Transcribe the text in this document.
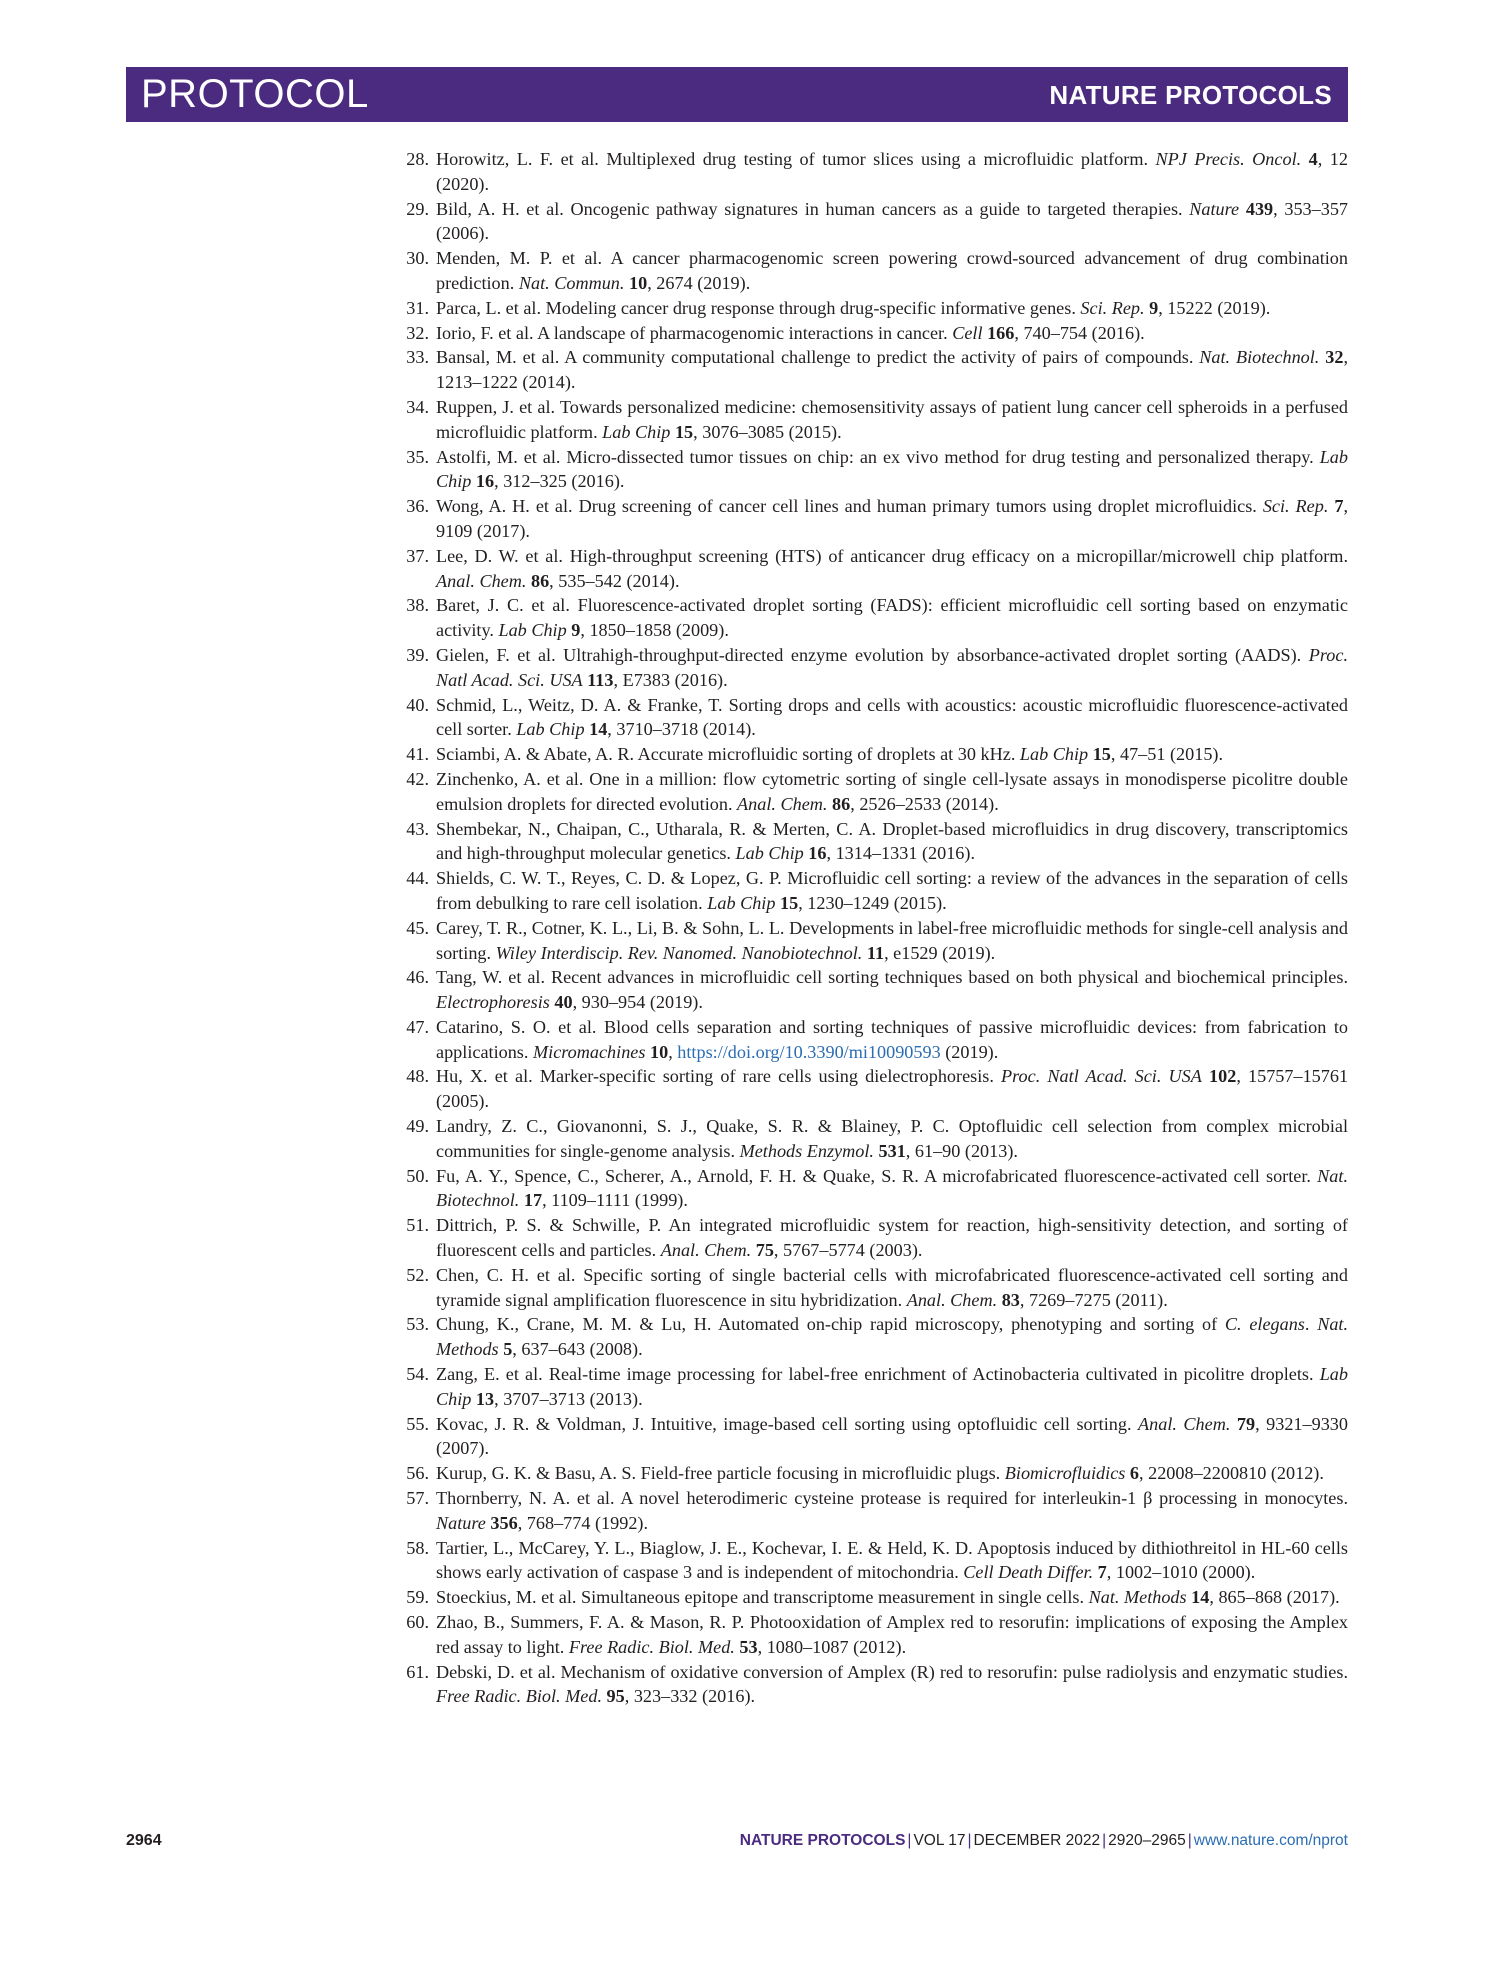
PROTOCOL	NATURE PROTOCOLS
28. Horowitz, L. F. et al. Multiplexed drug testing of tumor slices using a microfluidic platform. NPJ Precis. Oncol. 4, 12 (2020).
29. Bild, A. H. et al. Oncogenic pathway signatures in human cancers as a guide to targeted therapies. Nature 439, 353–357 (2006).
30. Menden, M. P. et al. A cancer pharmacogenomic screen powering crowd-sourced advancement of drug combination prediction. Nat. Commun. 10, 2674 (2019).
31. Parca, L. et al. Modeling cancer drug response through drug-specific informative genes. Sci. Rep. 9, 15222 (2019).
32. Iorio, F. et al. A landscape of pharmacogenomic interactions in cancer. Cell 166, 740–754 (2016).
33. Bansal, M. et al. A community computational challenge to predict the activity of pairs of compounds. Nat. Biotechnol. 32, 1213–1222 (2014).
34. Ruppen, J. et al. Towards personalized medicine: chemosensitivity assays of patient lung cancer cell spheroids in a perfused microfluidic platform. Lab Chip 15, 3076–3085 (2015).
35. Astolfi, M. et al. Micro-dissected tumor tissues on chip: an ex vivo method for drug testing and personalized therapy. Lab Chip 16, 312–325 (2016).
36. Wong, A. H. et al. Drug screening of cancer cell lines and human primary tumors using droplet microfluidics. Sci. Rep. 7, 9109 (2017).
37. Lee, D. W. et al. High-throughput screening (HTS) of anticancer drug efficacy on a micropillar/microwell chip platform. Anal. Chem. 86, 535–542 (2014).
38. Baret, J. C. et al. Fluorescence-activated droplet sorting (FADS): efficient microfluidic cell sorting based on enzymatic activity. Lab Chip 9, 1850–1858 (2009).
39. Gielen, F. et al. Ultrahigh-throughput-directed enzyme evolution by absorbance-activated droplet sorting (AADS). Proc. Natl Acad. Sci. USA 113, E7383 (2016).
40. Schmid, L., Weitz, D. A. & Franke, T. Sorting drops and cells with acoustics: acoustic microfluidic fluorescence-activated cell sorter. Lab Chip 14, 3710–3718 (2014).
41. Sciambi, A. & Abate, A. R. Accurate microfluidic sorting of droplets at 30 kHz. Lab Chip 15, 47–51 (2015).
42. Zinchenko, A. et al. One in a million: flow cytometric sorting of single cell-lysate assays in monodisperse picolitre double emulsion droplets for directed evolution. Anal. Chem. 86, 2526–2533 (2014).
43. Shembekar, N., Chaipan, C., Utharala, R. & Merten, C. A. Droplet-based microfluidics in drug discovery, transcriptomics and high-throughput molecular genetics. Lab Chip 16, 1314–1331 (2016).
44. Shields, C. W. T., Reyes, C. D. & Lopez, G. P. Microfluidic cell sorting: a review of the advances in the separation of cells from debulking to rare cell isolation. Lab Chip 15, 1230–1249 (2015).
45. Carey, T. R., Cotner, K. L., Li, B. & Sohn, L. L. Developments in label-free microfluidic methods for single-cell analysis and sorting. Wiley Interdiscip. Rev. Nanomed. Nanobiotechnol. 11, e1529 (2019).
46. Tang, W. et al. Recent advances in microfluidic cell sorting techniques based on both physical and biochemical principles. Electrophoresis 40, 930–954 (2019).
47. Catarino, S. O. et al. Blood cells separation and sorting techniques of passive microfluidic devices: from fabrication to applications. Micromachines 10, https://doi.org/10.3390/mi10090593 (2019).
48. Hu, X. et al. Marker-specific sorting of rare cells using dielectrophoresis. Proc. Natl Acad. Sci. USA 102, 15757–15761 (2005).
49. Landry, Z. C., Giovanonni, S. J., Quake, S. R. & Blainey, P. C. Optofluidic cell selection from complex microbial communities for single-genome analysis. Methods Enzymol. 531, 61–90 (2013).
50. Fu, A. Y., Spence, C., Scherer, A., Arnold, F. H. & Quake, S. R. A microfabricated fluorescence-activated cell sorter. Nat. Biotechnol. 17, 1109–1111 (1999).
51. Dittrich, P. S. & Schwille, P. An integrated microfluidic system for reaction, high-sensitivity detection, and sorting of fluorescent cells and particles. Anal. Chem. 75, 5767–5774 (2003).
52. Chen, C. H. et al. Specific sorting of single bacterial cells with microfabricated fluorescence-activated cell sorting and tyramide signal amplification fluorescence in situ hybridization. Anal. Chem. 83, 7269–7275 (2011).
53. Chung, K., Crane, M. M. & Lu, H. Automated on-chip rapid microscopy, phenotyping and sorting of C. elegans. Nat. Methods 5, 637–643 (2008).
54. Zang, E. et al. Real-time image processing for label-free enrichment of Actinobacteria cultivated in picolitre droplets. Lab Chip 13, 3707–3713 (2013).
55. Kovac, J. R. & Voldman, J. Intuitive, image-based cell sorting using optofluidic cell sorting. Anal. Chem. 79, 9321–9330 (2007).
56. Kurup, G. K. & Basu, A. S. Field-free particle focusing in microfluidic plugs. Biomicrofluidics 6, 22008–2200810 (2012).
57. Thornberry, N. A. et al. A novel heterodimeric cysteine protease is required for interleukin-1 β processing in monocytes. Nature 356, 768–774 (1992).
58. Tartier, L., McCarey, Y. L., Biaglow, J. E., Kochevar, I. E. & Held, K. D. Apoptosis induced by dithiothreitol in HL-60 cells shows early activation of caspase 3 and is independent of mitochondria. Cell Death Differ. 7, 1002–1010 (2000).
59. Stoeckius, M. et al. Simultaneous epitope and transcriptome measurement in single cells. Nat. Methods 14, 865–868 (2017).
60. Zhao, B., Summers, F. A. & Mason, R. P. Photooxidation of Amplex red to resorufin: implications of exposing the Amplex red assay to light. Free Radic. Biol. Med. 53, 1080–1087 (2012).
61. Debski, D. et al. Mechanism of oxidative conversion of Amplex (R) red to resorufin: pulse radiolysis and enzymatic studies. Free Radic. Biol. Med. 95, 323–332 (2016).
2964	NATURE PROTOCOLS | VOL 17 | DECEMBER 2022 | 2920–2965 | www.nature.com/nprot
